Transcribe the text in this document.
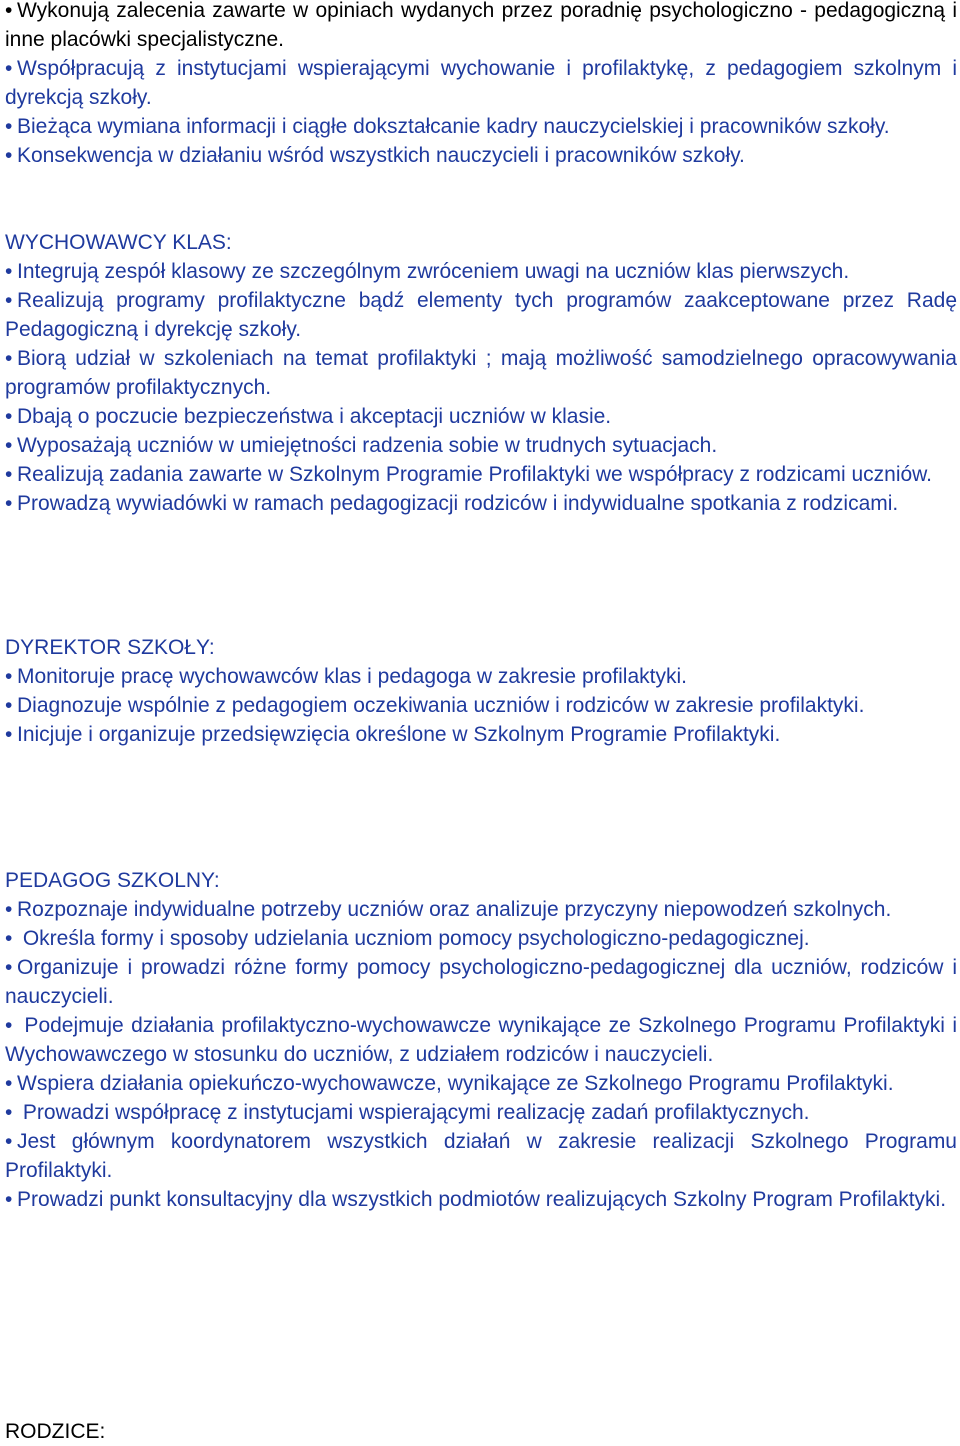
• Wykonują zalecenia zawarte w opiniach wydanych przez poradnię psychologiczno - pedagogiczną i inne placówki specjalistyczne.

• Współpracują z instytucjami wspierającymi wychowanie i profilaktykę, z pedagogiem szkolnym i dyrekcją szkoły.

• Bieżąca wymiana informacji i ciągłe dokształcanie kadry nauczycielskiej i pracowników szkoły.

• Konsekwencja w działaniu wśród wszystkich nauczycieli i pracowników szkoły.

WYCHOWAWCY KLAS:

• Integrują zespół klasowy ze szczególnym zwróceniem uwagi na uczniów klas pierwszych.

• Realizują programy profilaktyczne bądź elementy tych programów zaakceptowane przez Radę Pedagogiczną i dyrekcję szkoły.

• Biorą udział w szkoleniach na temat profilaktyki ; mają możliwość samodzielnego opracowywania programów profilaktycznych.

• Dbają o poczucie bezpieczeństwa i akceptacji uczniów w klasie.

• Wyposażają uczniów w umiejętności radzenia sobie w trudnych sytuacjach.

• Realizują zadania zawarte w Szkolnym Programie Profilaktyki we współpracy z rodzicami uczniów.

• Prowadzą wywiadówki w ramach pedagogizacji rodziców i indywidualne spotkania z rodzicami.

DYREKTOR SZKOŁY:

• Monitoruje pracę wychowawców klas i pedagoga w zakresie profilaktyki.

• Diagnozuje wspólnie z pedagogiem oczekiwania uczniów i rodziców w zakresie profilaktyki.

• Inicjuje i organizuje przedsięwzięcia określone w Szkolnym Programie Profilaktyki.

PEDAGOG SZKOLNY:

• Rozpoznaje indywidualne potrzeby uczniów oraz analizuje przyczyny niepowodzeń szkolnych.

• Określa formy i sposoby udzielania uczniom pomocy psychologiczno-pedagogicznej.

• Organizuje i prowadzi różne formy pomocy psychologiczno-pedagogicznej dla uczniów, rodziców i nauczycieli.

• Podejmuje działania profilaktyczno-wychowawcze wynikające ze Szkolnego Programu Profilaktyki i Wychowawczego w stosunku do uczniów, z udziałem rodziców i nauczycieli.

• Wspiera działania opiekuńczo-wychowawcze, wynikające ze Szkolnego Programu Profilaktyki.

• Prowadzi współpracę z instytucjami wspierającymi realizację zadań profilaktycznych.

• Jest głównym koordynatorem wszystkich działań w zakresie realizacji Szkolnego Programu Profilaktyki.

• Prowadzi punkt konsultacyjny dla wszystkich podmiotów realizujących Szkolny Program Profilaktyki.

RODZICE:
